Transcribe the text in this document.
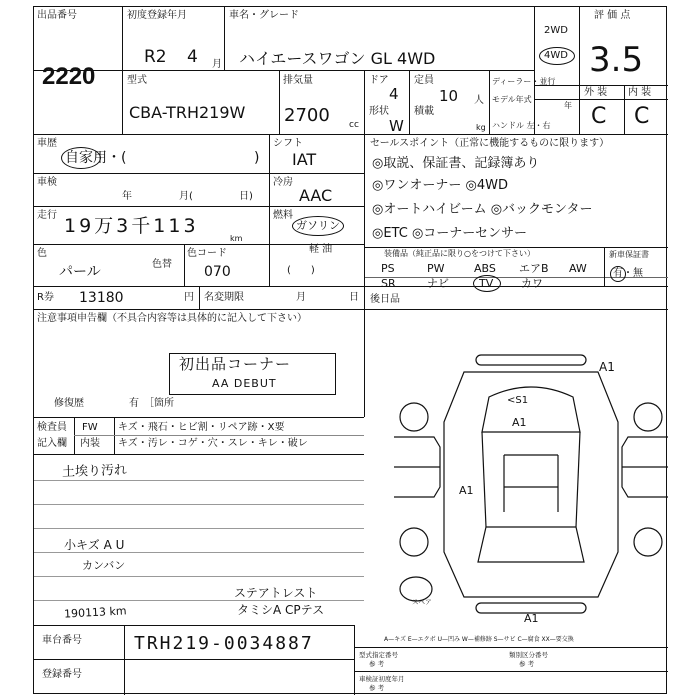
出品番号
2220
初度登録年月
R2 4 月
車名・グレード
ハイエースワゴン GL 4WD
2WD
4WD
評 価 点
3.5
型式
CBA-TRH219W
排気量
2700 cc
ドア
4
形状
W
定員
10 人
積載
kg
ディーラー・並行
モデル年式
年
ハンドル 左・右
外 装 内 装
C C
車歴
自家用・(	)
シフト
IAT
車検
年	月(	日)
冷房
AAC
走行 19万3千113
km
燃料
ガソリン
軽 油
(　　)
色
パール	色替
色コード
070
セールスポイント（正常に機能するものに限ります）
◎取説、保証書、記録簿あり
◎ワンオーナー ◎4WD
◎オートハイビーム ◎バックモンター
◎ETC ◎コーナーセンサー
装備品（純正品に限り○をつけて下さい）
PS	PW	ABS エアB AW
SR	ナビ	TV	カワ
新車保証書
有・無
R券 13180	円 名変期限	月	日 後日品
注意事項申告欄（不具合内容等は具体的に記入して下さい）
初出品コーナー
AA DEBUT
修復歴	有　［箇所
検査員
記入欄
FW キズ・飛石・ヒビ割・リペア跡・X要
内装 キズ・汚レ・コゲ・穴・スレ・キレ・破レ
土埃り汚れ
小キズ A U
カンバン
ステアトレスト
190113 km	タミシA CPテス
スペア
A1
A1
A1
A1
<S1
車台番号	TRH219-0034887
登録番号
A—キズ E—エクボ U—凹み W—補修跡 S—サビ C—腐食 XX—要交換
型式指定番号
参 考
類別区分番号
参 考
車検証初度年月
参 考
